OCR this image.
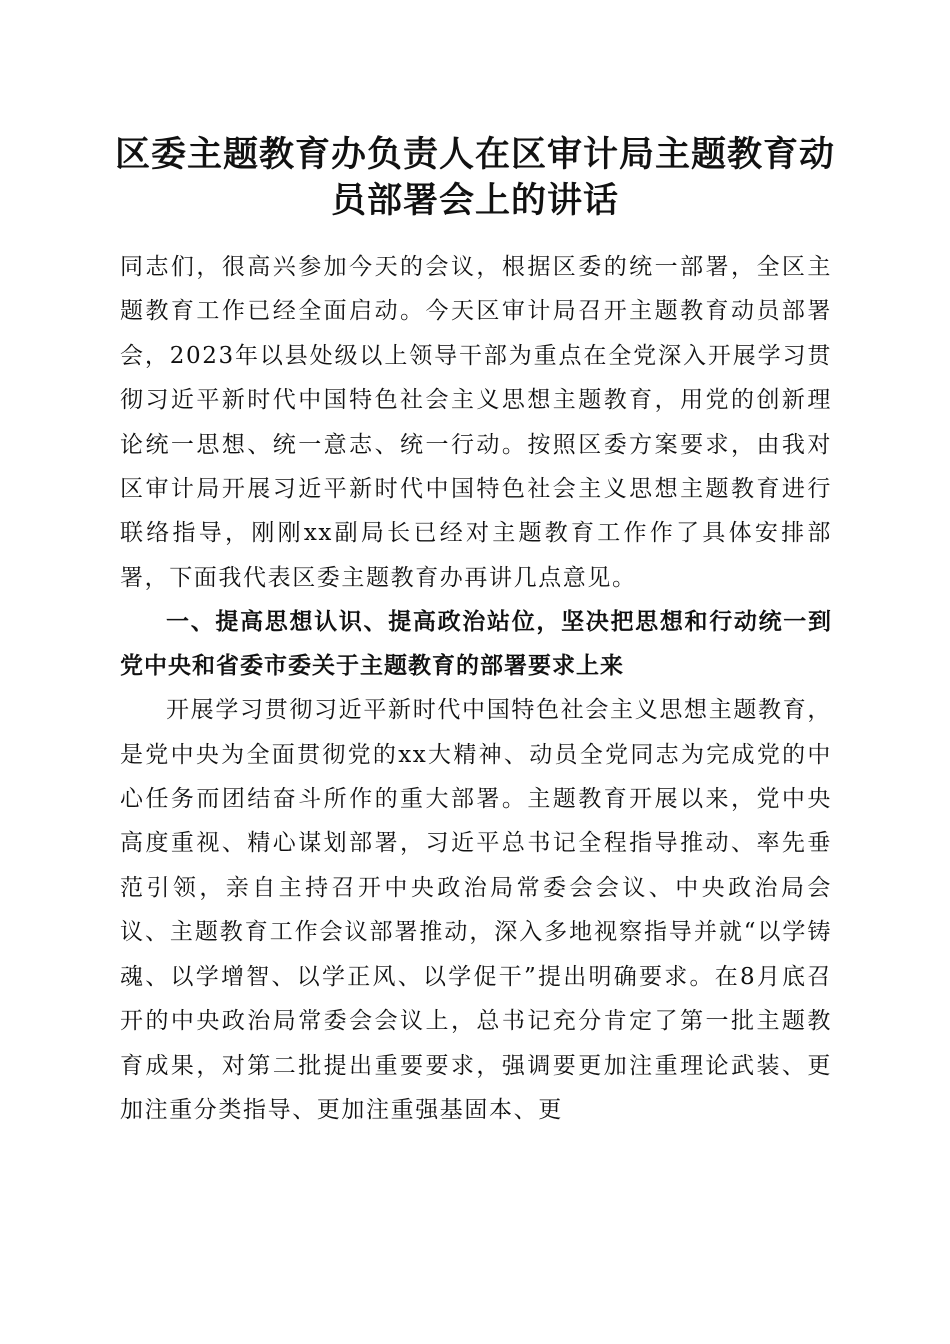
区委主题教育办负责人在区审计局主题教育动员部署会上的讲话

同志们，很高兴参加今天的会议，根据区委的统一部署，全区主题教育工作已经全面启动。今天区审计局召开主题教育动员部署会，2023年以县处级以上领导干部为重点在全党深入开展学习贯彻习近平新时代中国特色社会主义思想主题教育，用党的创新理论统一思想、统一意志、统一行动。按照区委方案要求，由我对区审计局开展习近平新时代中国特色社会主义思想主题教育进行联络指导，刚刚xx副局长已经对主题教育工作作了具体安排部署，下面我代表区委主题教育办再讲几点意见。

一、提高思想认识、提高政治站位，坚决把思想和行动统一到党中央和省委市委关于主题教育的部署要求上来

开展学习贯彻习近平新时代中国特色社会主义思想主题教育，是党中央为全面贯彻党的xx大精神、动员全党同志为完成党的中心任务而团结奋斗所作的重大部署。主题教育开展以来，党中央高度重视、精心谋划部署，习近平总书记全程指导推动、率先垂范引领，亲自主持召开中央政治局常委会会议、中央政治局会议、主题教育工作会议部署推动，深入多地视察指导并就“以学铸魂、以学增智、以学正风、以学促干”提出明确要求。在8月底召开的中央政治局常委会会议上，总书记充分肯定了第一批主题教育成果，对第二批提出重要要求，强调要更加注重理论武装、更加注重分类指导、更加注重强基固本、更
